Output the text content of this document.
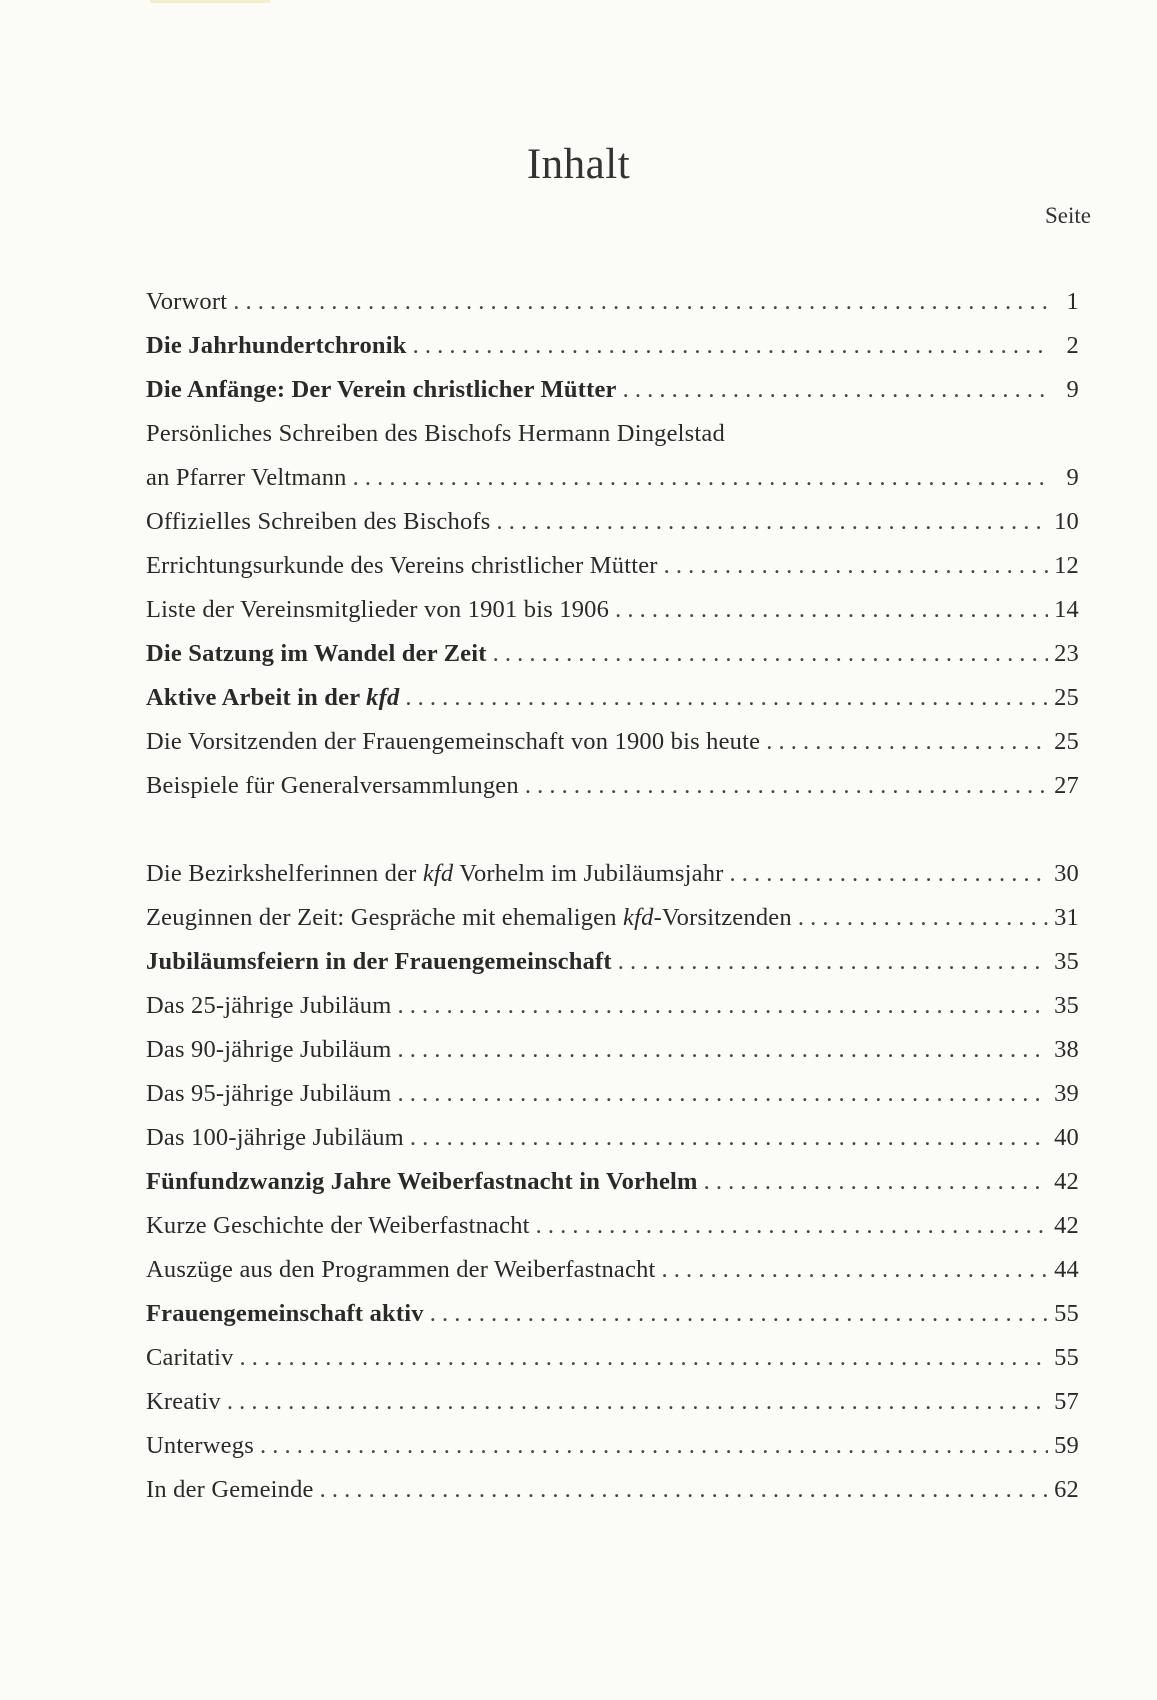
Inhalt
Seite
Vorwort . . .	1
Die Jahrhundertchronik . . .	2
Die Anfänge: Der Verein christlicher Mütter . . .	9
Persönliches Schreiben des Bischofs Hermann Dingelstad
an Pfarrer Veltmann . . .	9
Offizielles Schreiben des Bischofs . . .	10
Errichtungsurkunde des Vereins christlicher Mütter . . .	12
Liste der Vereinsmitglieder von 1901 bis 1906 . . .	14
Die Satzung im Wandel der Zeit . . .	23
Aktive Arbeit in der kfd . . .	25
Die Vorsitzenden der Frauengemeinschaft von 1900 bis heute . . .	25
Beispiele für Generalversammlungen . . .	27
Die Bezirkshelferinnen der kfd Vorhelm im Jubiläumsjahr . . .	30
Zeuginnen der Zeit: Gespräche mit ehemaligen kfd-Vorsitzenden . . .	31
Jubiläumsfeiern in der Frauengemeinschaft . . .	35
Das 25-jährige Jubiläum . . .	35
Das 90-jährige Jubiläum . . .	38
Das 95-jährige Jubiläum . . .	39
Das 100-jährige Jubiläum . . .	40
Fünfundzwanzig Jahre Weiberfastnacht in Vorhelm . . .	42
Kurze Geschichte der Weiberfastnacht . . .	42
Auszüge aus den Programmen der Weiberfastnacht . . .	44
Frauengemeinschaft aktiv . . .	55
Caritativ . . .	55
Kreativ . . .	57
Unterwegs . . .	59
In der Gemeinde . . .	62
